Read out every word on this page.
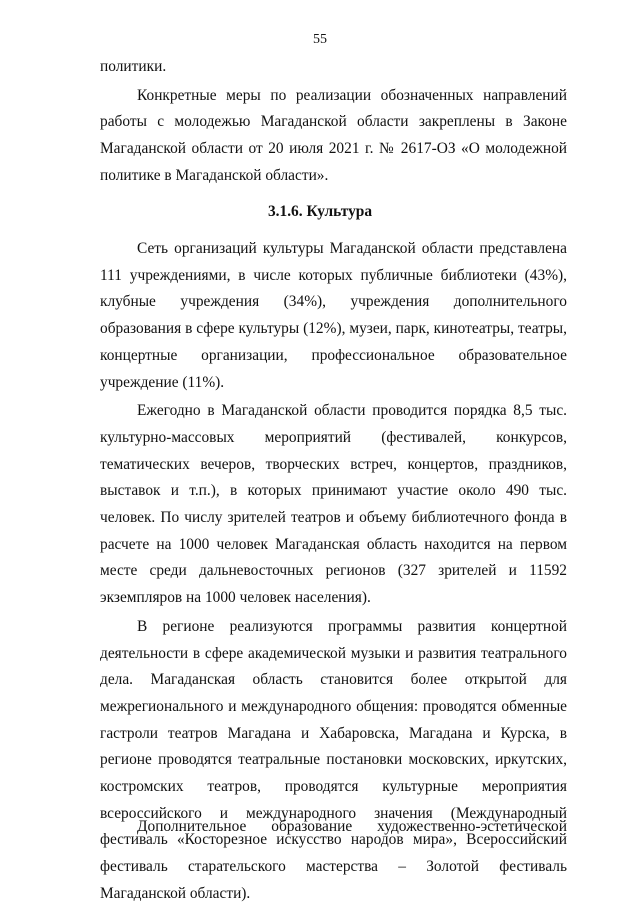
55

политики.

Конкретные меры по реализации обозначенных направлений работы с молодежью Магаданской области закреплены в Законе Магаданской области от 20 июля 2021 г. № 2617-ОЗ «О молодежной политике в Магаданской области».

3.1.6. Культура

Сеть организаций культуры Магаданской области представлена 111 учреждениями, в числе которых публичные библиотеки (43%), клубные учреждения (34%), учреждения дополнительного образования в сфере культуры (12%), музеи, парк, кинотеатры, театры, концертные организации, профессиональное образовательное учреждение (11%).

Ежегодно в Магаданской области проводится порядка 8,5 тыс. культурно-массовых мероприятий (фестивалей, конкурсов, тематических вечеров, творческих встреч, концертов, праздников, выставок и т.п.), в которых принимают участие около 490 тыс. человек. По числу зрителей театров и объему библиотечного фонда в расчете на 1000 человек Магаданская область находится на первом месте среди дальневосточных регионов (327 зрителей и 11592 экземпляров на 1000 человек населения).

В регионе реализуются программы развития концертной деятельности в сфере академической музыки и развития театрального дела. Магаданская область становится более открытой для межрегионального и международного общения: проводятся обменные гастроли театров Магадана и Хабаровска, Магадана и Курска, в регионе проводятся театральные постановки московских, иркутских, костромских театров, проводятся культурные мероприятия всероссийского и международного значения (Международный фестиваль «Косторезное искусство народов мира», Всероссийский фестиваль старательского мастерства – Золотой фестиваль Магаданской области).

Дополнительное образование художественно-эстетической
